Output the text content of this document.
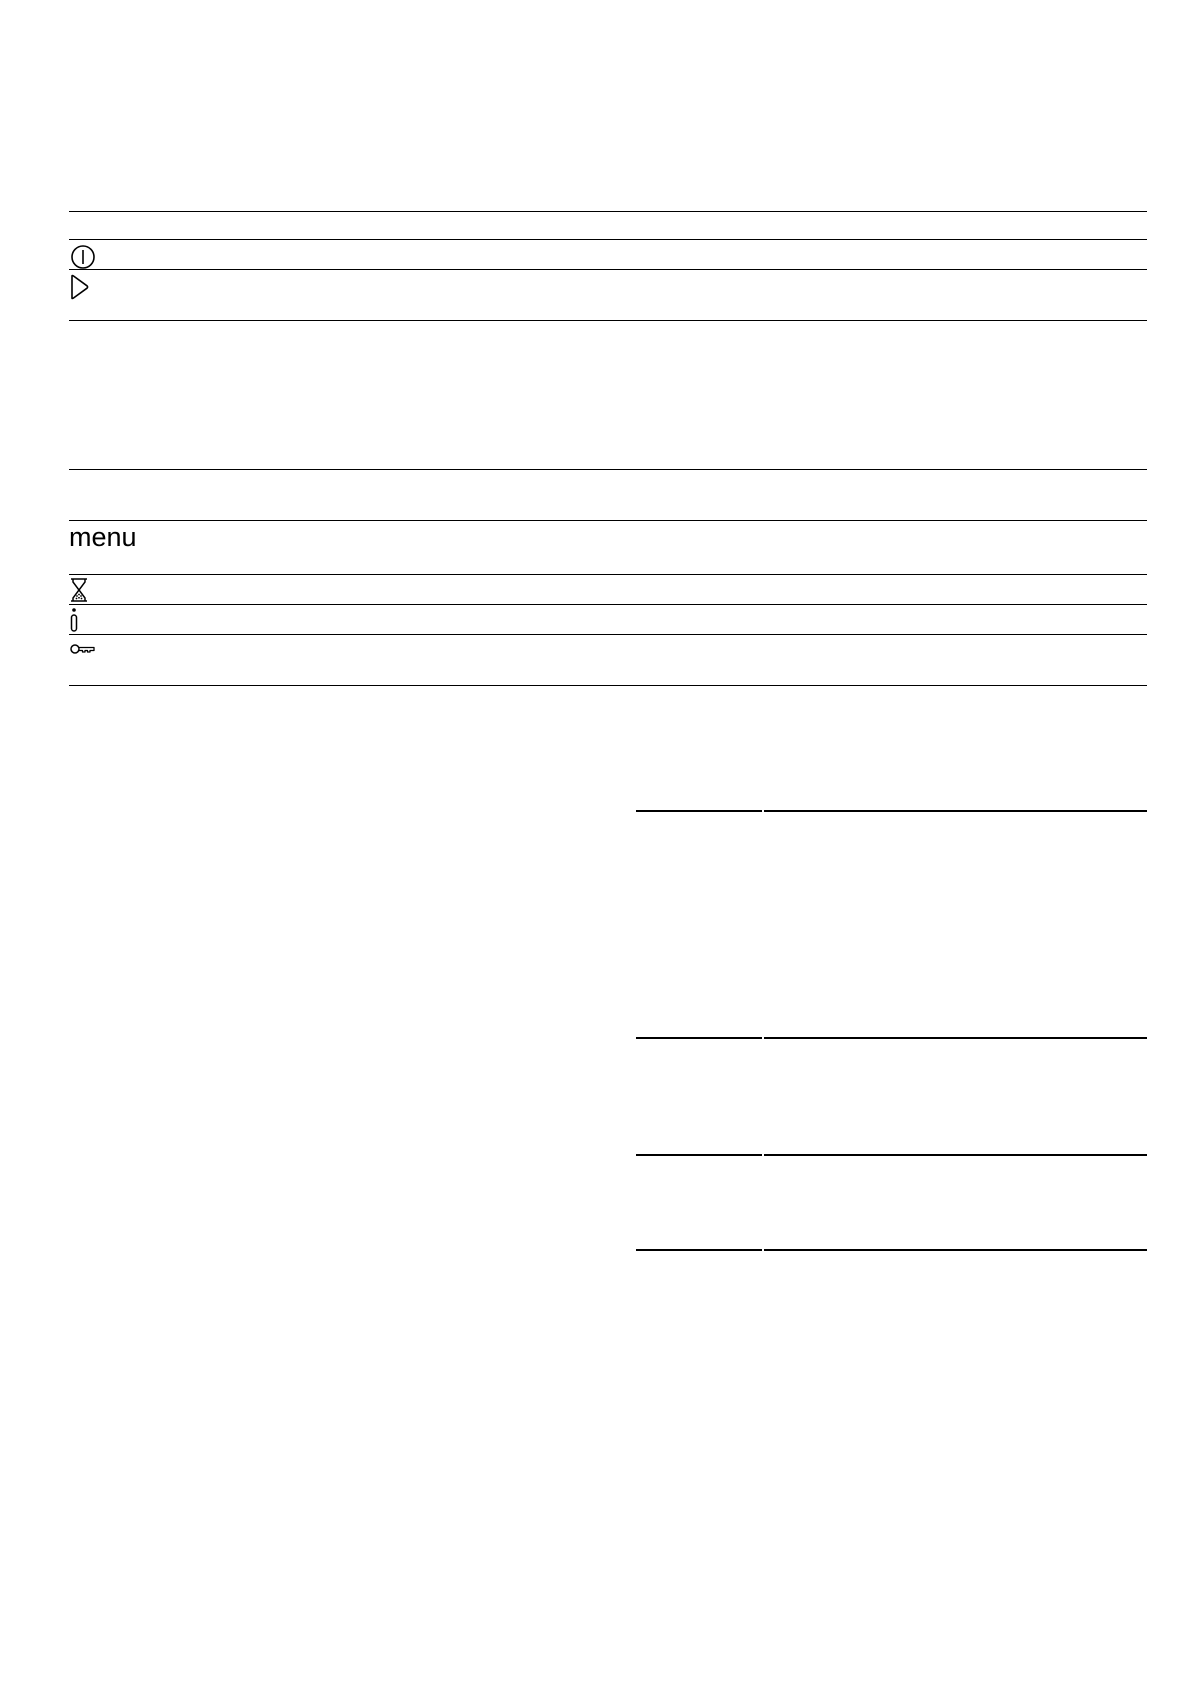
menu
